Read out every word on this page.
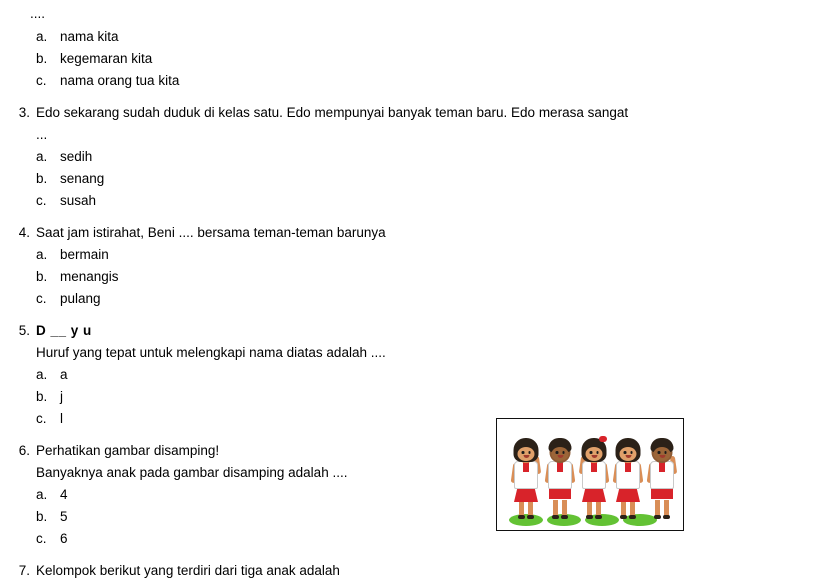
....
a. nama kita
b. kegemaran kita
c. nama orang tua kita
3. Edo sekarang sudah duduk di kelas satu. Edo mempunyai banyak teman baru. Edo merasa sangat ...
a. sedih
b. senang
c. susah
4. Saat jam istirahat, Beni .... bersama teman-teman barunya
a. bermain
b. menangis
c. pulang
5. D __ y u
Huruf yang tepat untuk melengkapi nama diatas adalah ....
a. a
b. j
c. l
6. Perhatikan gambar disamping!
Banyaknya anak pada gambar disamping adalah ....
a. 4
b. 5
c. 6
7. Kelompok berikut yang terdiri dari tiga anak adalah
